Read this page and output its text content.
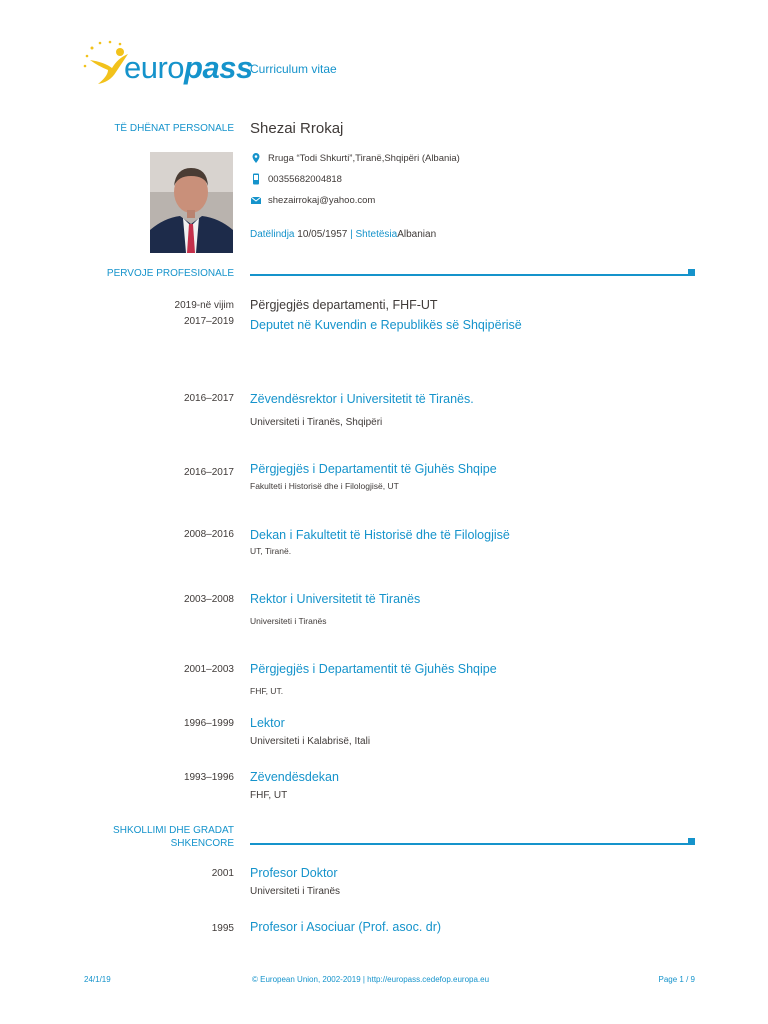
europass
Curriculum vitae
TË DHËNAT PERSONALE Shezai Rrokaj
Rruga “Todi Shkurti”,Tiranë,Shqipëri (Albania)
00355682004818
shezairrokaj@yahoo.com
Datëlindja 10/05/1957 | ShtetësiaAlbanian
PERVOJE PROFESIONALE
2019-në vijim
2017–2019
Përgjegjës departamenti, FHF-UT
Deputet në Kuvendin e Republikës së Shqipërisë
2016–2017 Zëvendësrektor i Universitetit të Tiranës.
Universiteti i Tiranës, Shqipëri
2016–2017 Përgjegjës i Departamentit të Gjuhës Shqipe
Fakulteti i Historisë dhe i Filologjisë, UT
2008–2016 Dekan i Fakultetit të Historisë dhe të Filologjisë
UT, Tiranë.
2003–2008 Rektor i Universitetit të Tiranës
Universiteti i Tiranës
2001–2003 Përgjegjës i Departamentit të Gjuhës Shqipe
FHF, UT.
1996–1999 Lektor
Universiteti i Kalabrisë, Itali
1993–1996 Zëvendësdekan
FHF, UT
SHKOLLIMI DHE GRADAT
SHKENCORE
2001 Profesor Doktor
Universiteti i Tiranës
1995 Profesor i Asociuar (Prof. asoc. dr)
24/1/19	© European Union, 2002-2019 | http://europass.cedefop.europa.eu	Page 1 / 9
